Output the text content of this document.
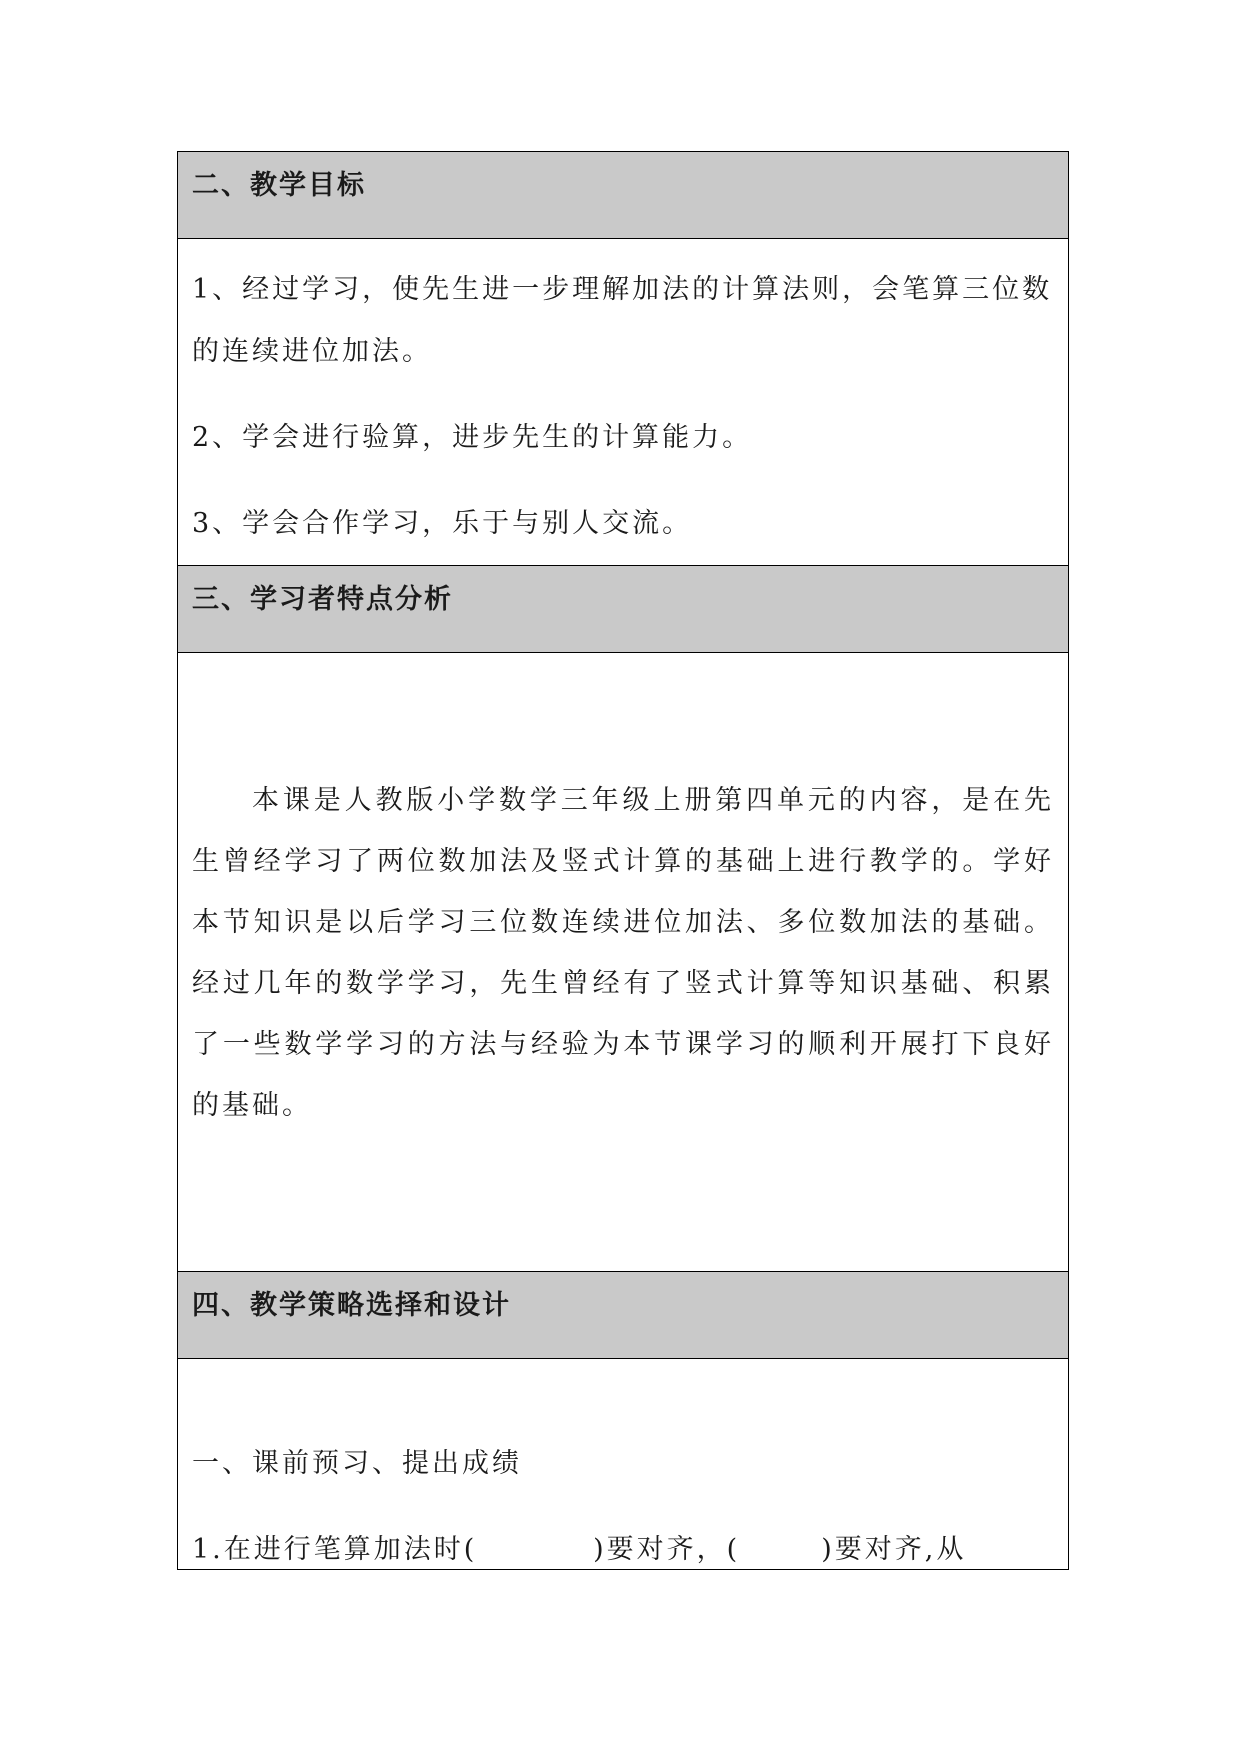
二、教学目标

1、经过学习，使先生进一步理解加法的计算法则，会笔算三位数的连续进位加法。

2、学会进行验算，进步先生的计算能力。

3、学会合作学习，乐于与别人交流。

三、学习者特点分析

本课是人教版小学数学三年级上册第四单元的内容，是在先生曾经学习了两位数加法及竖式计算的基础上进行教学的。学好本节知识是以后学习三位数连续进位加法、多位数加法的基础。经过几年的数学学习，先生曾经有了竖式计算等知识基础、积累了一些数学学习的方法与经验为本节课学习的顺利开展打下良好的基础。

四、教学策略选择和设计

一、课前预习、提出成绩

1.在进行笔算加法时(          )要对齐，(       )要对齐,从
